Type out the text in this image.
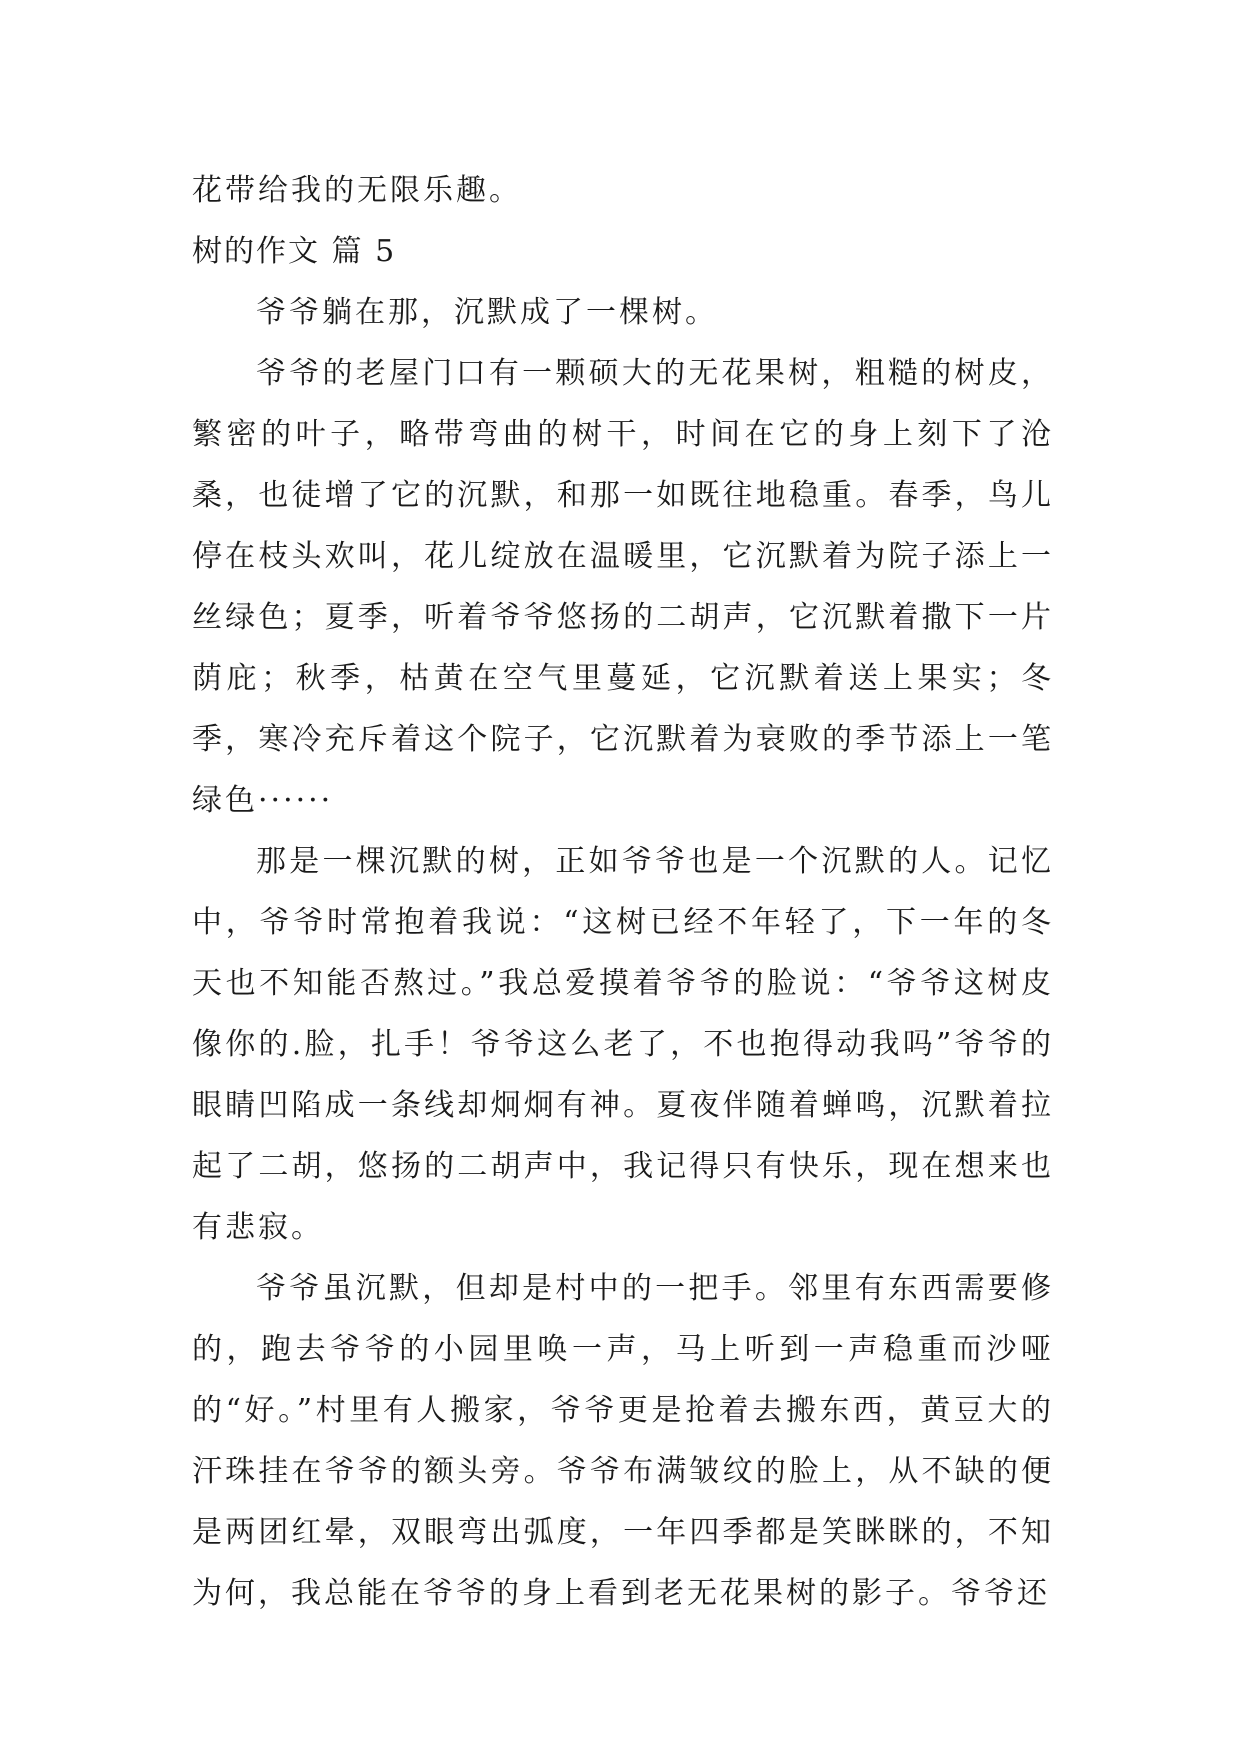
花带给我的无限乐趣。

树的作文 篇 5

爷爷躺在那，沉默成了一棵树。

爷爷的老屋门口有一颗硕大的无花果树，粗糙的树皮，繁密的叶子，略带弯曲的树干，时间在它的身上刻下了沧桑，也徒增了它的沉默，和那一如既往地稳重。春季，鸟儿停在枝头欢叫，花儿绽放在温暖里，它沉默着为院子添上一丝绿色；夏季，听着爷爷悠扬的二胡声，它沉默着撒下一片荫庇；秋季，枯黄在空气里蔓延，它沉默着送上果实；冬季，寒冷充斥着这个院子，它沉默着为衰败的季节添上一笔绿色······

那是一棵沉默的树，正如爷爷也是一个沉默的人。记忆中，爷爷时常抱着我说：“这树已经不年轻了，下一年的冬天也不知能否熬过。”我总爱摸着爷爷的脸说：“爷爷这树皮像你的.脸，扎手！爷爷这么老了，不也抱得动我吗”爷爷的眼睛凹陷成一条线却炯炯有神。夏夜伴随着蝉鸣，沉默着拉起了二胡，悠扬的二胡声中，我记得只有快乐，现在想来也有悲寂。

爷爷虽沉默，但却是村中的一把手。邻里有东西需要修的，跑去爷爷的小园里唤一声，马上听到一声稳重而沙哑的“好。”村里有人搬家，爷爷更是抢着去搬东西，黄豆大的汗珠挂在爷爷的额头旁。爷爷布满皱纹的脸上，从不缺的便是两团红晕，双眼弯出弧度，一年四季都是笑眯眯的，不知为何，我总能在爷爷的身上看到老无花果树的影子。爷爷还
